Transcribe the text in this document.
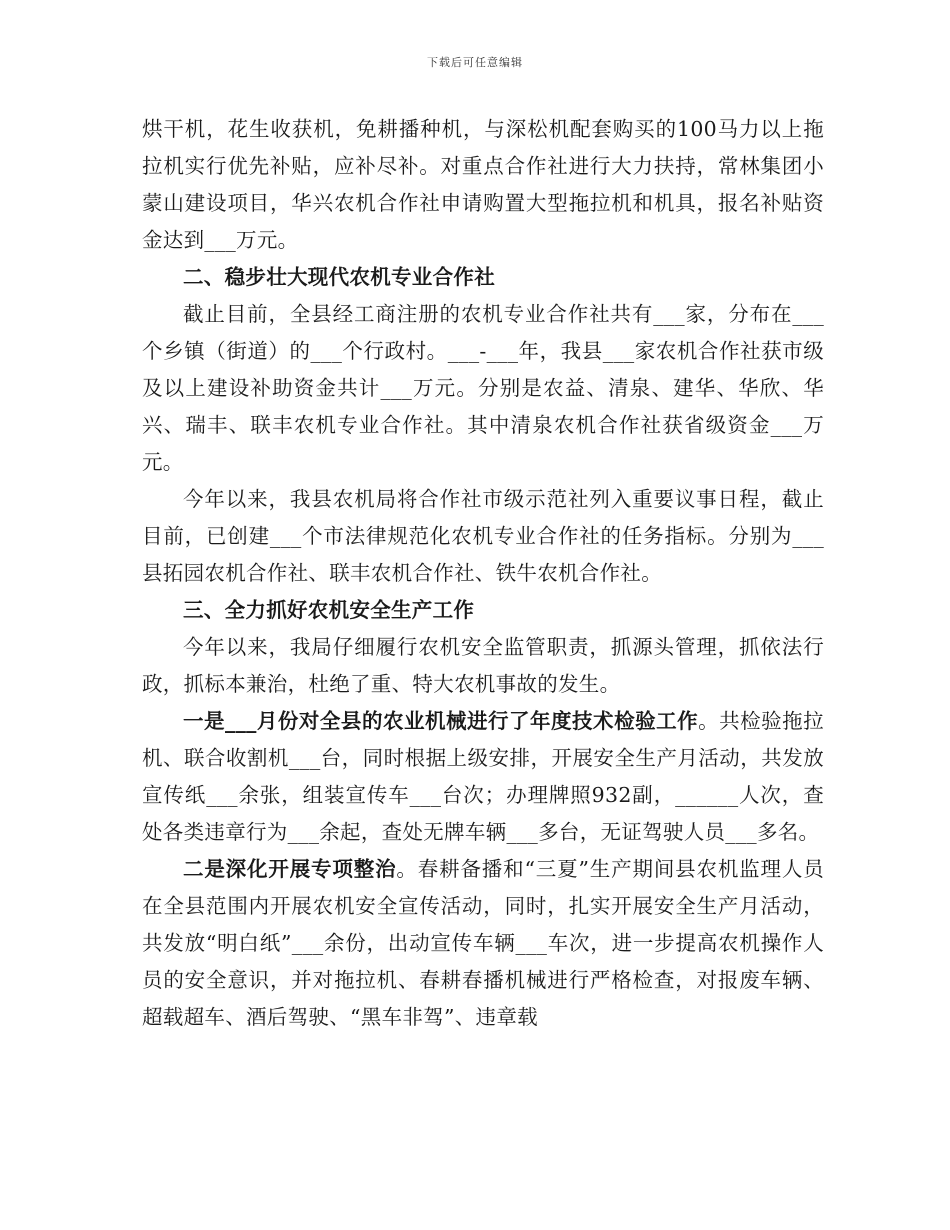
下载后可任意编辑

烘干机，花生收获机，免耕播种机，与深松机配套购买的100马力以上拖拉机实行优先补贴，应补尽补。对重点合作社进行大力扶持，常林集团小蒙山建设项目，华兴农机合作社申请购置大型拖拉机和机具，报名补贴资金达到___万元。

二、稳步壮大现代农机专业合作社

截止目前，全县经工商注册的农机专业合作社共有___家，分布在___个乡镇（街道）的___个行政村。___-___年，我县___家农机合作社获市级及以上建设补助资金共计___万元。分别是农益、清泉、建华、华欣、华兴、瑞丰、联丰农机专业合作社。其中清泉农机合作社获省级资金___万元。

今年以来，我县农机局将合作社市级示范社列入重要议事日程，截止目前，已创建___个市法律规范化农机专业合作社的任务指标。分别为___县拓园农机合作社、联丰农机合作社、铁牛农机合作社。

三、全力抓好农机安全生产工作

今年以来，我局仔细履行农机安全监管职责，抓源头管理，抓依法行政，抓标本兼治，杜绝了重、特大农机事故的发生。

一是___月份对全县的农业机械进行了年度技术检验工作。共检验拖拉机、联合收割机___台，同时根据上级安排，开展安全生产月活动，共发放宣传纸___余张，组装宣传车___台次；办理牌照932副，______人次，查处各类违章行为___余起，查处无牌车辆___多台，无证驾驶人员___多名。

二是深化开展专项整治。春耕备播和“三夏”生产期间县农机监理人员在全县范围内开展农机安全宣传活动，同时，扎实开展安全生产月活动，共发放“明白纸”___余份，出动宣传车辆___车次，进一步提高农机操作人员的安全意识，并对拖拉机、春耕春播机械进行严格检查，对报废车辆、超载超车、酒后驾驶、“黑车非驾”、违章载
